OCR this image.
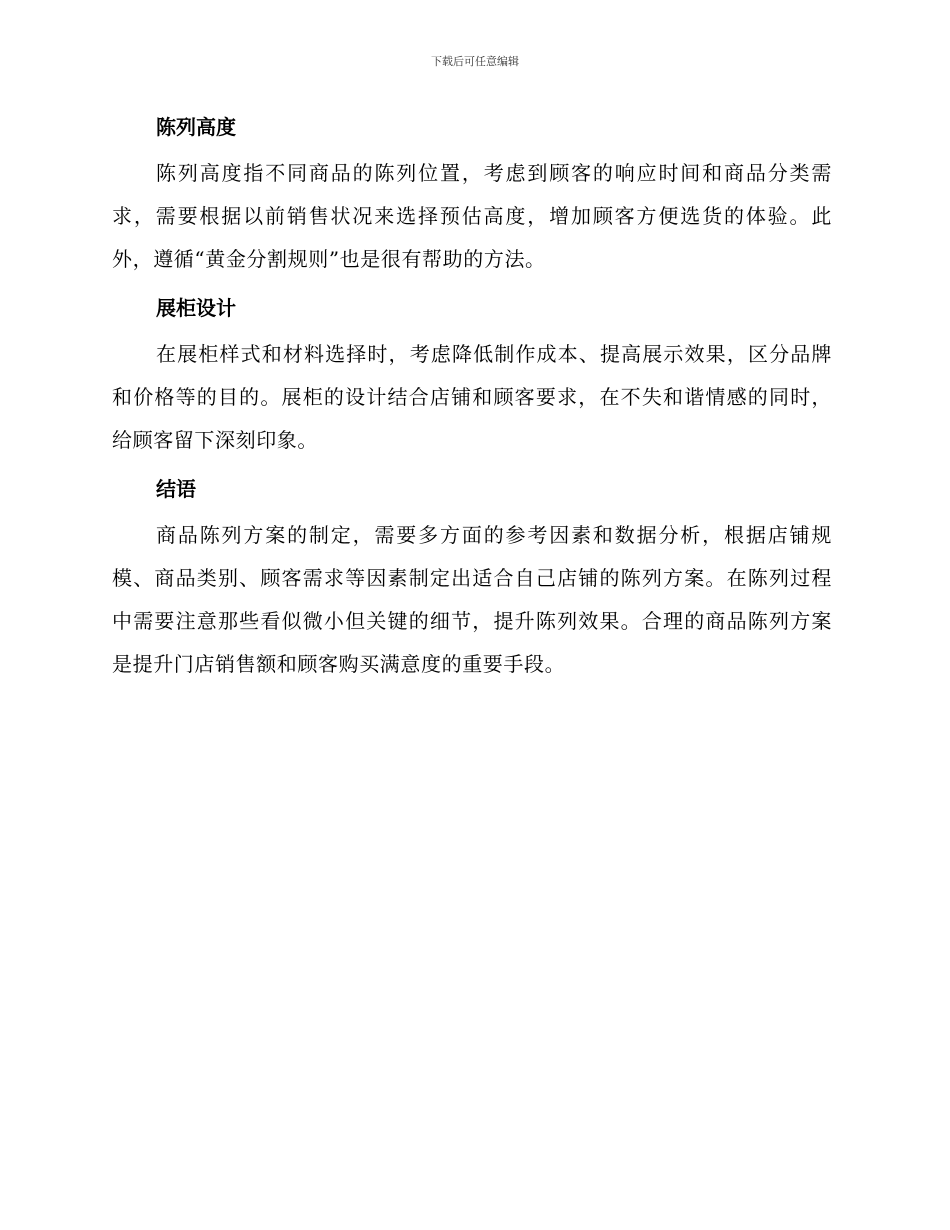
下载后可任意编辑
陈列高度

陈列高度指不同商品的陈列位置，考虑到顾客的响应时间和商品分类需求，需要根据以前销售状况来选择预估高度，增加顾客方便选货的体验。此外，遵循“黄金分割规则”也是很有帮助的方法。

展柜设计

在展柜样式和材料选择时，考虑降低制作成本、提高展示效果，区分品牌和价格等的目的。展柜的设计结合店铺和顾客要求，在不失和谐情感的同时，给顾客留下深刻印象。

结语

商品陈列方案的制定，需要多方面的参考因素和数据分析，根据店铺规模、商品类别、顾客需求等因素制定出适合自己店铺的陈列方案。在陈列过程中需要注意那些看似微小但关键的细节，提升陈列效果。合理的商品陈列方案是提升门店销售额和顾客购买满意度的重要手段。
